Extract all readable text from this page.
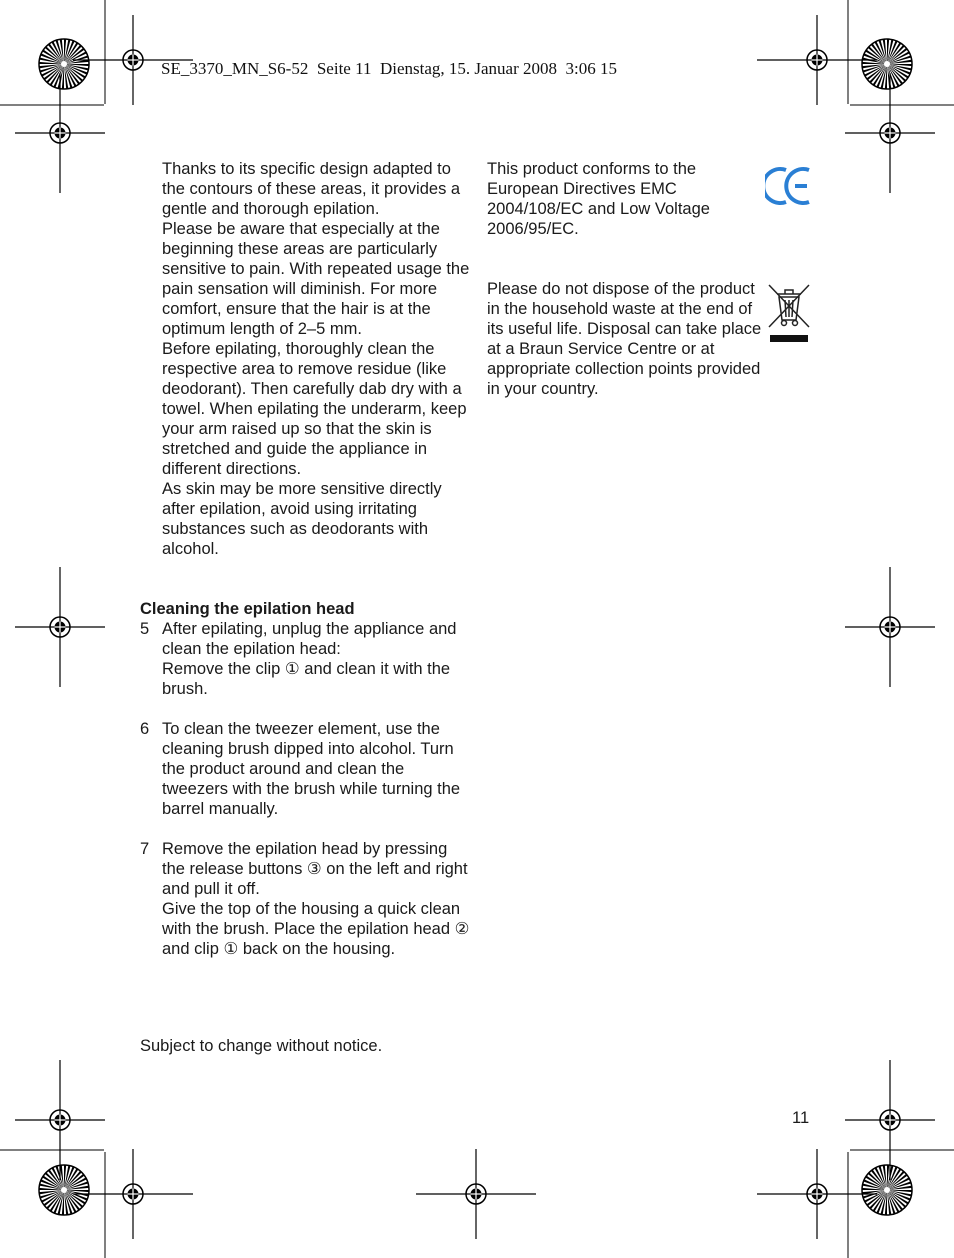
SE_3370_MN_S6-52  Seite 11  Dienstag, 15. Januar 2008  3:06 15

Thanks to its specific design adapted to the contours of these areas, it provides a gentle and thorough epilation.

Please be aware that especially at the beginning these areas are particularly sensitive to pain. With repeated usage the pain sensation will diminish. For more comfort, ensure that the hair is at the optimum length of 2–5 mm.

Before epilating, thoroughly clean the respective area to remove residue (like deodorant). Then carefully dab dry with a towel. When epilating the underarm, keep your arm raised up so that the skin is stretched and guide the appliance in different directions.

As skin may be more sensitive directly after epilation, avoid using irritating substances such as deodorants with alcohol.

Cleaning the epilation head

5 After epilating, unplug the appliance and clean the epilation head:

Remove the clip ① and clean it with the brush.

6 To clean the tweezer element, use the cleaning brush dipped into alcohol. Turn the product around and clean the tweezers with the brush while turning the barrel manually.

7 Remove the epilation head by pressing the release buttons ③ on the left and right and pull it off.

Give the top of the housing a quick clean with the brush. Place the epilation head ② and clip ① back on the housing.

Subject to change without notice.

This product conforms to the European Directives EMC 2004/108/EC and Low Voltage 2006/95/EC.

Please do not dispose of the product in the household waste at the end of its useful life. Disposal can take place at a Braun Service Centre or at appropriate collection points provided in your country.

11
